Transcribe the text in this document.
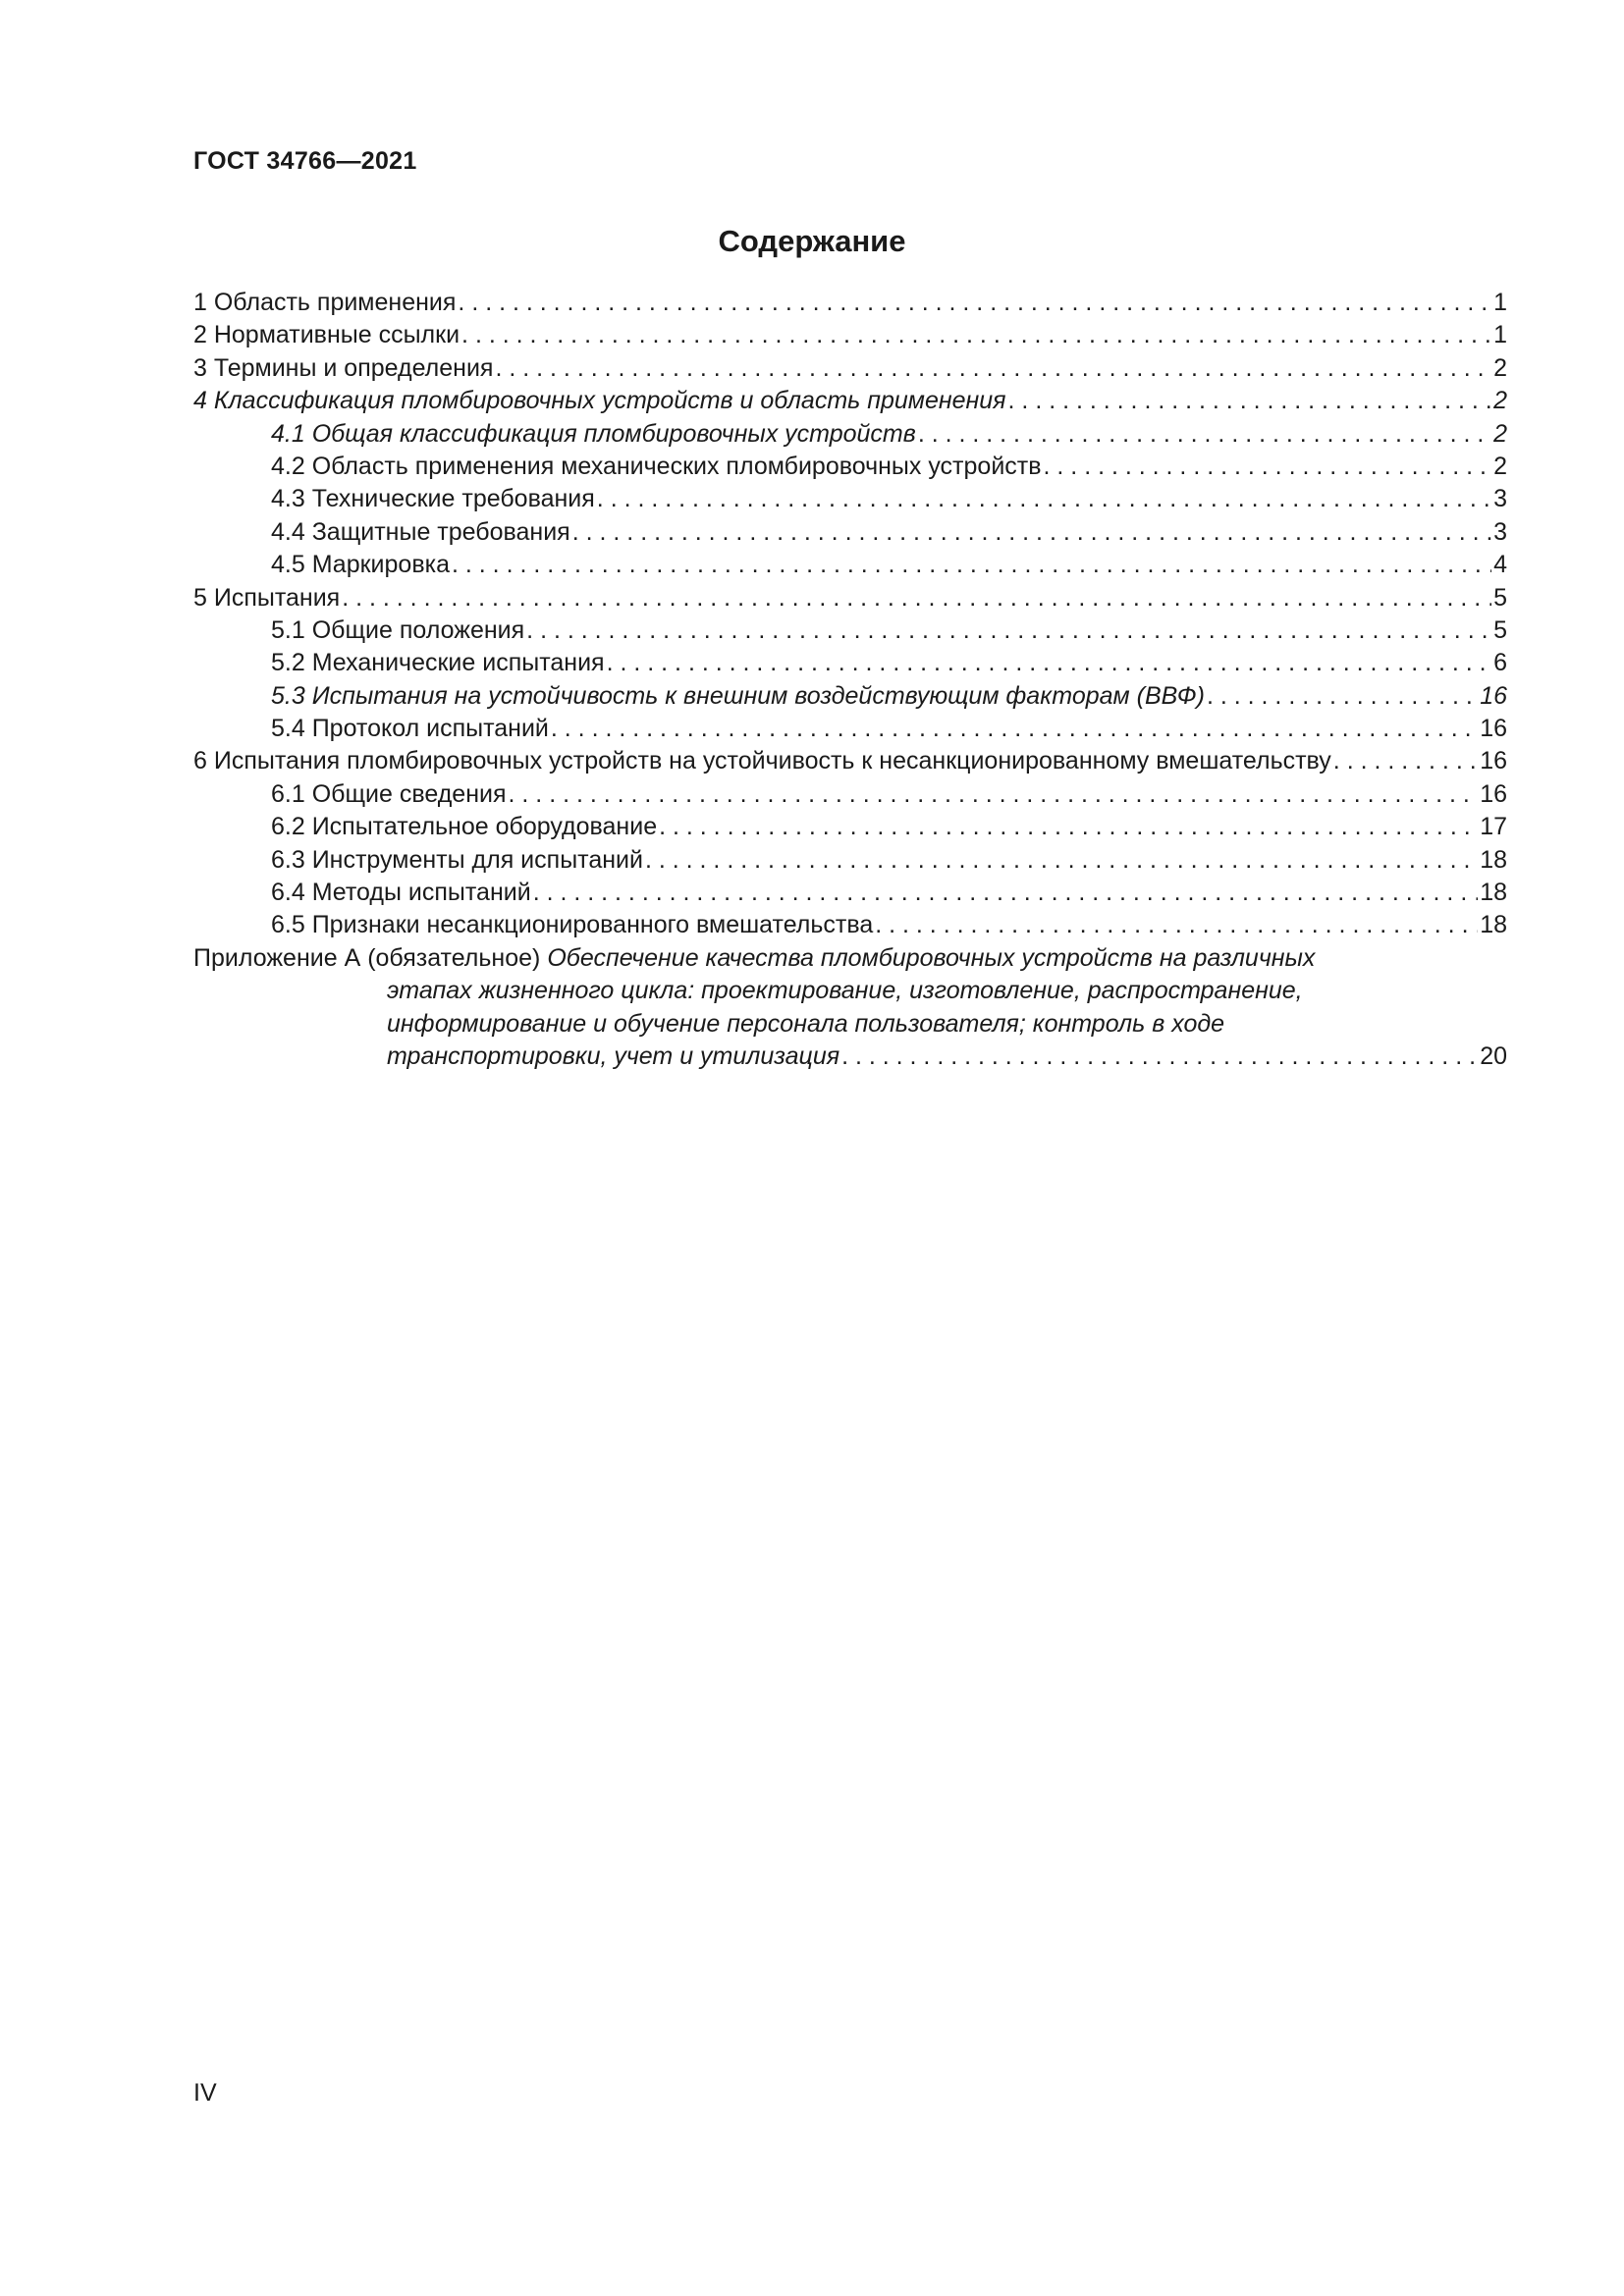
ГОСТ 34766—2021
Содержание
1 Область применения . . .	1
2 Нормативные ссылки . . .	1
3 Термины и определения . . .	2
4 Классификация пломбировочных устройств и область применения . . .	2
4.1 Общая классификация пломбировочных устройств . . .	2
4.2 Область применения механических пломбировочных устройств . . .	2
4.3 Технические требования . . .	3
4.4 Защитные требования . . .	3
4.5 Маркировка . . .	4
5 Испытания . . .	5
5.1 Общие положения . . .	5
5.2 Механические испытания . . .	6
5.3 Испытания на устойчивость к внешним воздействующим факторам (ВВФ) . . .	16
5.4 Протокол испытаний . . .	16
6 Испытания пломбировочных устройств на устойчивость к несанкционированному вмешательству . . .	16
6.1 Общие сведения . . .	16
6.2 Испытательное оборудование . . .	17
6.3 Инструменты для испытаний . . .	18
6.4 Методы испытаний . . .	18
6.5 Признаки несанкционированного вмешательства . . .	18
Приложение А (обязательное) Обеспечение качества пломбировочных устройств на различных
этапах жизненного цикла: проектирование, изготовление, распространение,
информирование и обучение персонала пользователя; контроль в ходе
транспортировки, учет и утилизация . . .	20
IV
